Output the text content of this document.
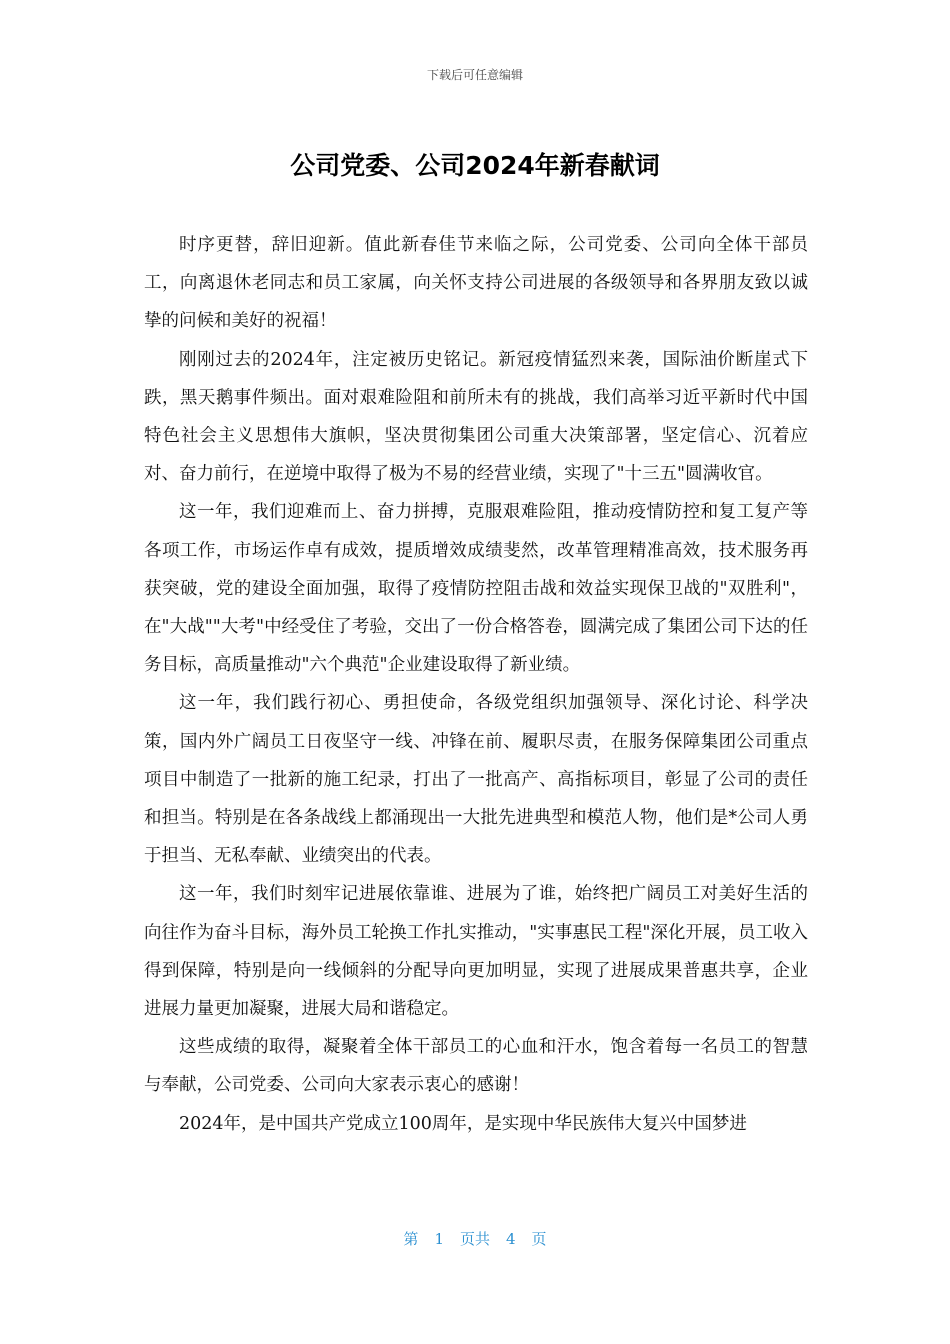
下载后可任意编辑
公司党委、公司2024年新春献词

时序更替，辞旧迎新。值此新春佳节来临之际，公司党委、公司向全体干部员工，向离退休老同志和员工家属，向关怀支持公司进展的各级领导和各界朋友致以诚挚的问候和美好的祝福！

刚刚过去的2024年，注定被历史铭记。新冠疫情猛烈来袭，国际油价断崖式下跌，黑天鹅事件频出。面对艰难险阻和前所未有的挑战，我们高举习近平新时代中国特色社会主义思想伟大旗帜，坚决贯彻集团公司重大决策部署，坚定信心、沉着应对、奋力前行，在逆境中取得了极为不易的经营业绩，实现了"十三五"圆满收官。

这一年，我们迎难而上、奋力拼搏，克服艰难险阻，推动疫情防控和复工复产等各项工作，市场运作卓有成效，提质增效成绩斐然，改革管理精准高效，技术服务再获突破，党的建设全面加强，取得了疫情防控阻击战和效益实现保卫战的"双胜利"，在"大战""大考"中经受住了考验，交出了一份合格答卷，圆满完成了集团公司下达的任务目标，高质量推动"六个典范"企业建设取得了新业绩。

这一年，我们践行初心、勇担使命，各级党组织加强领导、深化讨论、科学决策，国内外广阔员工日夜坚守一线、冲锋在前、履职尽责，在服务保障集团公司重点项目中制造了一批新的施工纪录，打出了一批高产、高指标项目，彰显了公司的责任和担当。特别是在各条战线上都涌现出一大批先进典型和模范人物，他们是*公司人勇于担当、无私奉献、业绩突出的代表。

这一年，我们时刻牢记进展依靠谁、进展为了谁，始终把广阔员工对美好生活的向往作为奋斗目标，海外员工轮换工作扎实推动，"实事惠民工程"深化开展，员工收入得到保障，特别是向一线倾斜的分配导向更加明显，实现了进展成果普惠共享，企业进展力量更加凝聚，进展大局和谐稳定。

这些成绩的取得，凝聚着全体干部员工的心血和汗水，饱含着每一名员工的智慧与奉献，公司党委、公司向大家表示衷心的感谢！

2024年，是中国共产党成立100周年，是实现中华民族伟大复兴中国梦进

第 1 页共 4 页
